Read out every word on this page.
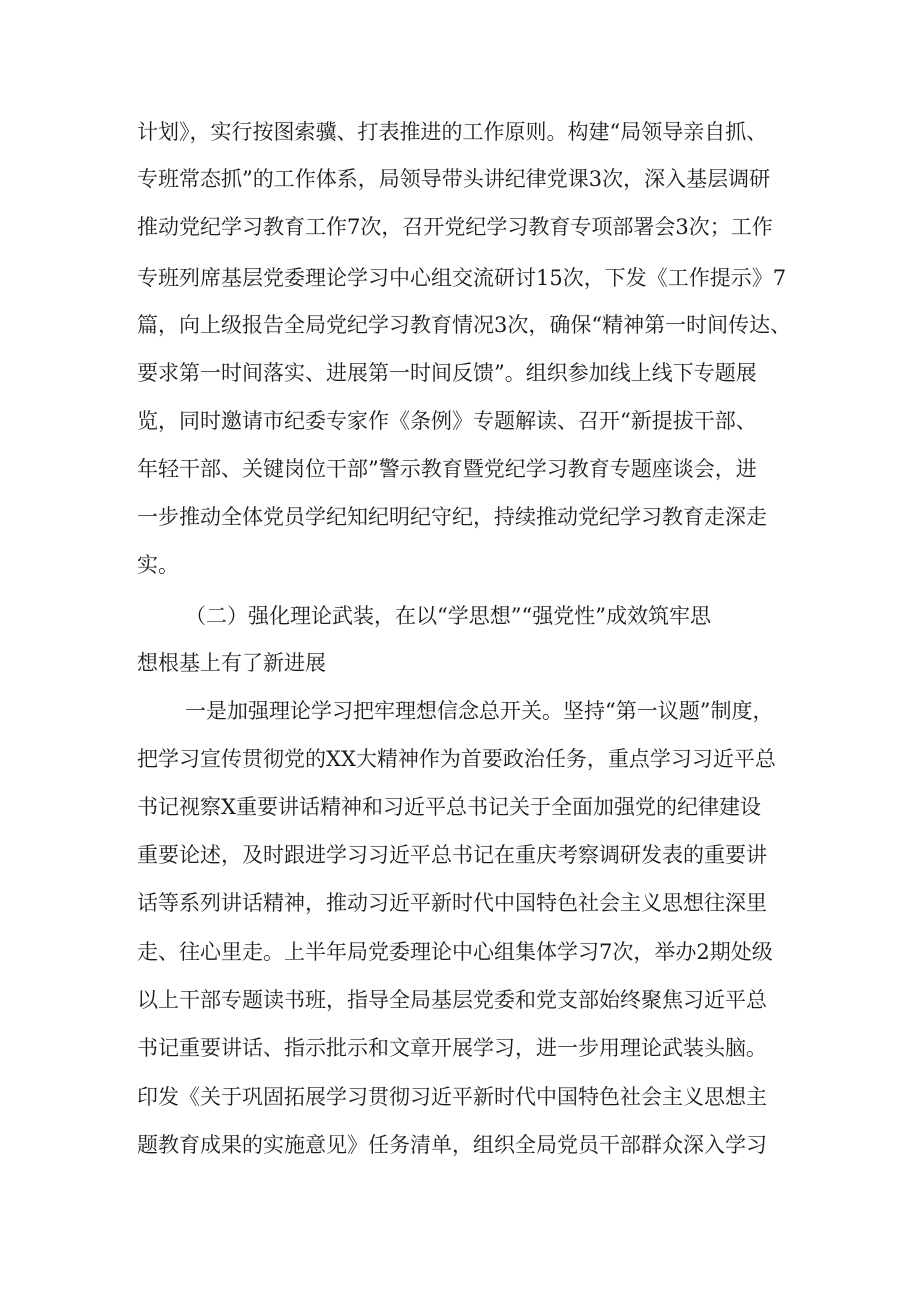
计划》，实行按图索骥、打表推进的工作原则。构建“局领导亲自抓、
专班常态抓”的工作体系，局领导带头讲纪律党课3次，深入基层调研
推动党纪学习教育工作7次，召开党纪学习教育专项部署会3次；工作
专班列席基层党委理论学习中心组交流研讨15次，下发《工作提示》7
篇，向上级报告全局党纪学习教育情况3次，确保“精神第一时间传达、
要求第一时间落实、进展第一时间反馈”。组织参加线上线下专题展
览，同时邀请市纪委专家作《条例》专题解读、召开“新提拔干部、
年轻干部、关键岗位干部”警示教育暨党纪学习教育专题座谈会，进
一步推动全体党员学纪知纪明纪守纪，持续推动党纪学习教育走深走
实。
（二）强化理论武装，在以“学思想”“强党性”成效筑牢思
想根基上有了新进展
一是加强理论学习把牢理想信念总开关。坚持“第一议题”制度，
把学习宣传贯彻党的XX大精神作为首要政治任务，重点学习习近平总
书记视察X重要讲话精神和习近平总书记关于全面加强党的纪律建设
重要论述，及时跟进学习习近平总书记在重庆考察调研发表的重要讲
话等系列讲话精神，推动习近平新时代中国特色社会主义思想往深里
走、往心里走。上半年局党委理论中心组集体学习7次，举办2期处级
以上干部专题读书班，指导全局基层党委和党支部始终聚焦习近平总
书记重要讲话、指示批示和文章开展学习，进一步用理论武装头脑。
印发《关于巩固拓展学习贯彻习近平新时代中国特色社会主义思想主
题教育成果的实施意见》任务清单，组织全局党员干部群众深入学习
